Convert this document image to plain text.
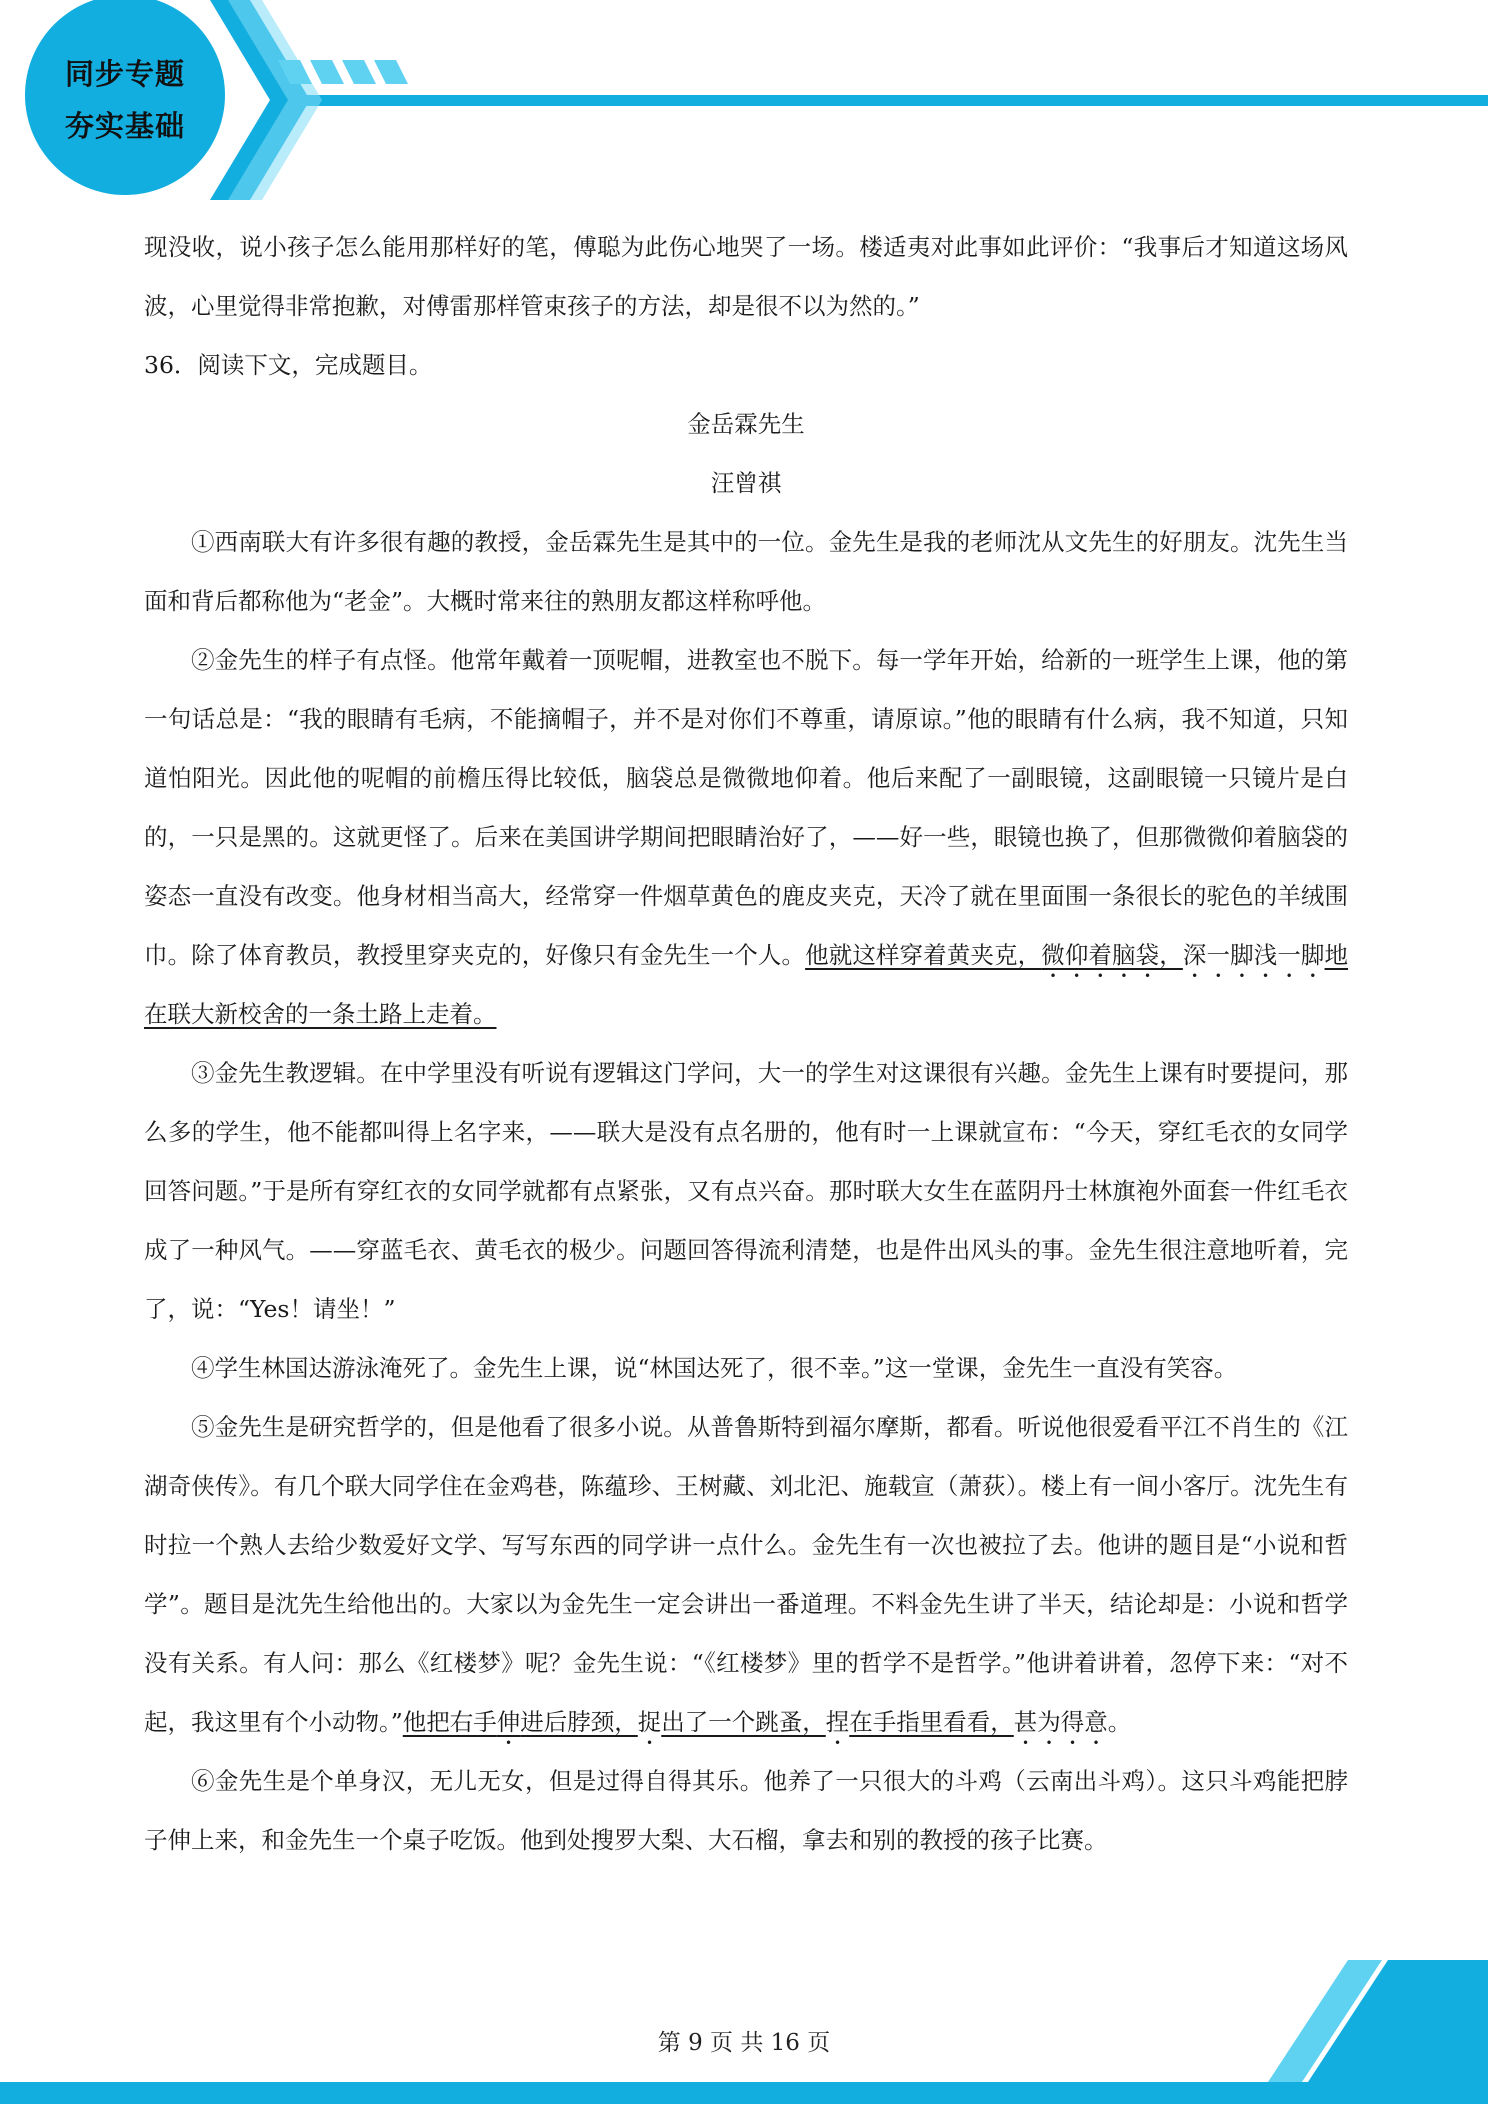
同步专题
夯实基础

现没收，说小孩子怎么能用那样好的笔，傅聪为此伤心地哭了一场。楼适夷对此事如此评价：“我事后才知道这场风波，心里觉得非常抱歉，对傅雷那样管束孩子的方法，却是很不以为然的。”

36．阅读下文，完成题目。

金岳霖先生

汪曾祺

①西南联大有许多很有趣的教授，金岳霖先生是其中的一位。金先生是我的老师沈从文先生的好朋友。沈先生当面和背后都称他为“老金”。大概时常来往的熟朋友都这样称呼他。

②金先生的样子有点怪。他常年戴着一顶呢帽，进教室也不脱下。每一学年开始，给新的一班学生上课，他的第一句话总是：“我的眼睛有毛病，不能摘帽子，并不是对你们不尊重，请原谅。”他的眼睛有什么病，我不知道，只知道怕阳光。因此他的呢帽的前檐压得比较低，脑袋总是微微地仰着。他后来配了一副眼镜，这副眼镜一只镜片是白的，一只是黑的。这就更怪了。后来在美国讲学期间把眼睛治好了，——好一些，眼镜也换了，但那微微仰着脑袋的姿态一直没有改变。他身材相当高大，经常穿一件烟草黄色的鹿皮夹克，天冷了就在里面围一条很长的驼色的羊绒围巾。除了体育教员，教授里穿夹克的，好像只有金先生一个人。他就这样穿着黄夹克，微仰着脑袋，深一脚浅一脚地在联大新校舍的一条土路上走着。

③金先生教逻辑。在中学里没有听说有逻辑这门学问，大一的学生对这课很有兴趣。金先生上课有时要提问，那么多的学生，他不能都叫得上名字来，——联大是没有点名册的，他有时一上课就宣布：“今天，穿红毛衣的女同学回答问题。”于是所有穿红衣的女同学就都有点紧张，又有点兴奋。那时联大女生在蓝阴丹士林旗袍外面套一件红毛衣成了一种风气。——穿蓝毛衣、黄毛衣的极少。问题回答得流利清楚，也是件出风头的事。金先生很注意地听着，完了，说：“Yes！请坐！”

④学生林国达游泳淹死了。金先生上课，说“林国达死了，很不幸。”这一堂课，金先生一直没有笑容。

⑤金先生是研究哲学的，但是他看了很多小说。从普鲁斯特到福尔摩斯，都看。听说他很爱看平江不肖生的《江湖奇侠传》。有几个联大同学住在金鸡巷，陈蕴珍、王树藏、刘北汜、施载宣（萧荻）。楼上有一间小客厅。沈先生有时拉一个熟人去给少数爱好文学、写写东西的同学讲一点什么。金先生有一次也被拉了去。他讲的题目是“小说和哲学”。题目是沈先生给他出的。大家以为金先生一定会讲出一番道理。不料金先生讲了半天，结论却是：小说和哲学没有关系。有人问：那么《红楼梦》呢？金先生说：“《红楼梦》里的哲学不是哲学。”他讲着讲着，忽停下来：“对不起，我这里有个小动物。”他把右手伸进后脖颈，捉出了一个跳蚤，捏在手指里看看，甚为得意。

⑥金先生是个单身汉，无儿无女，但是过得自得其乐。他养了一只很大的斗鸡（云南出斗鸡）。这只斗鸡能把脖子伸上来，和金先生一个桌子吃饭。他到处搜罗大梨、大石榴，拿去和别的教授的孩子比赛。

第 9 页 共 16 页
